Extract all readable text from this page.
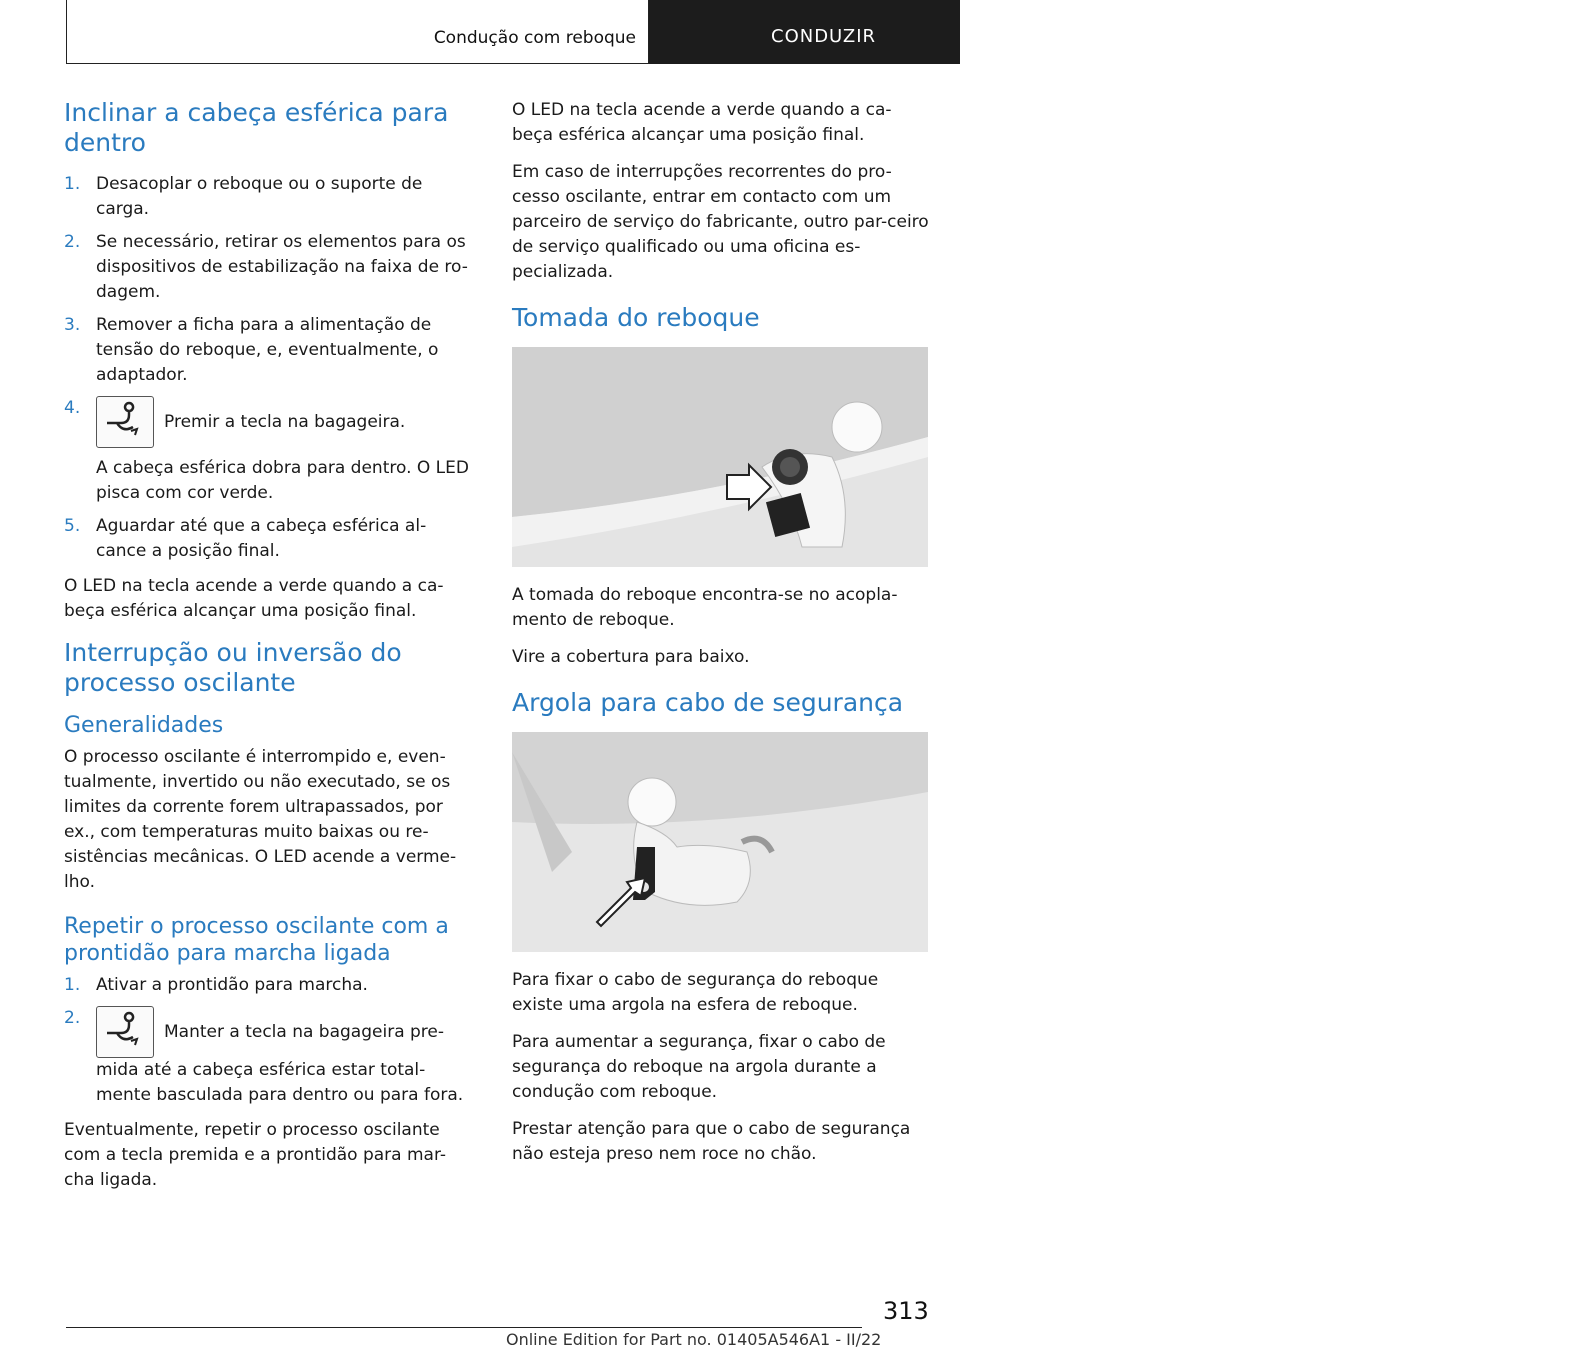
Condução com reboque	CONDUZIR	i
Inclinar a cabeça esférica para dentro
1. Desacoplar o reboque ou o suporte de carga.
2. Se necessário, retirar os elementos para os dispositivos de estabilização na faixa de ro-dagem.
3. Remover a ficha para a alimentação de tensão do reboque, e, eventualmente, o adaptador.
4.
Premir a tecla na bagageira.
A cabeça esférica dobra para dentro. O LED pisca com cor verde.
5. Aguardar até que a cabeça esférica al-cance a posição final.

O LED na tecla acende a verde quando a ca-beça esférica alcançar uma posição final.

Interrupção ou inversão do processo oscilante
Generalidades

O processo oscilante é interrompido e, even-tualmente, invertido ou não executado, se os limites da corrente forem ultrapassados, por ex., com temperaturas muito baixas ou re-sistências mecânicas. O LED acende a verme-lho.

Repetir o processo oscilante com a prontidão para marcha ligada
1. Ativar a prontidão para marcha.
2.
Manter a tecla na bagageira pre-mida até a cabeça esférica estar total-mente basculada para dentro ou para fora.

Eventualmente, repetir o processo oscilante com a tecla premida e a prontidão para mar-cha ligada.

O LED na tecla acende a verde quando a ca-beça esférica alcançar uma posição final.

Em caso de interrupções recorrentes do pro-cesso oscilante, entrar em contacto com um parceiro de serviço do fabricante, outro par-ceiro de serviço qualificado ou uma oficina es-pecializada.

Tomada do reboque

A tomada do reboque encontra-se no acopla-mento de reboque.

Vire a cobertura para baixo.

Argola para cabo de segurança

Para fixar o cabo de segurança do reboque existe uma argola na esfera de reboque.

Para aumentar a segurança, fixar o cabo de segurança do reboque na argola durante a condução com reboque.

Prestar atenção para que o cabo de segurança não esteja preso nem roce no chão.

313
Online Edition for Part no. 01405A546A1 - II/22
